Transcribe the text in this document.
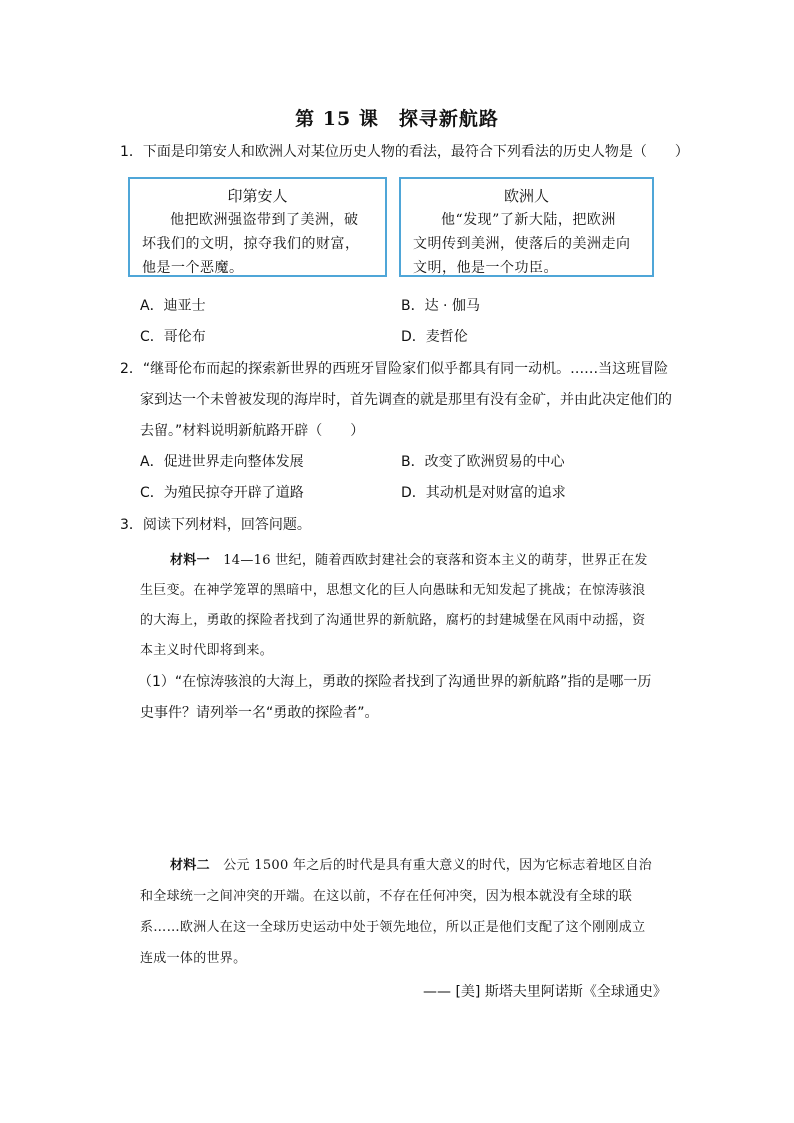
第 15 课　探寻新航路
1．下面是印第安人和欧洲人对某位历史人物的看法，最符合下列看法的历史人物是（　　）
印第安人
他把欧洲强盗带到了美洲，破
坏我们的文明，掠夺我们的财富，
他是一个恶魔。
欧洲人
他“发现”了新大陆，把欧洲
文明传到美洲，使落后的美洲走向
文明，他是一个功臣。
A．迪亚士	B．达 · 伽马
C．哥伦布	D．麦哲伦
2．“继哥伦布而起的探索新世界的西班牙冒险家们似乎都具有同一动机。……当这班冒险
家到达一个未曾被发现的海岸时，首先调查的就是那里有没有金矿，并由此决定他们的
去留。”材料说明新航路开辟（　　）
A．促进世界走向整体发展	B．改变了欧洲贸易的中心
C．为殖民掠夺开辟了道路	D．其动机是对财富的追求
3．阅读下列材料，回答问题。
材料一　 14—16 世纪，随着西欧封建社会的衰落和资本主义的萌芽，世界正在发
生巨变。在神学笼罩的黑暗中，思想文化的巨人向愚昧和无知发起了挑战；在惊涛骇浪
的大海上，勇敢的探险者找到了沟通世界的新航路，腐朽的封建城堡在风雨中动摇，资
本主义时代即将到来。
（1）“在惊涛骇浪的大海上，勇敢的探险者找到了沟通世界的新航路”指的是哪一历
史事件？请列举一名“勇敢的探险者”。
材料二　 公元 1500 年之后的时代是具有重大意义的时代，因为它标志着地区自治
和全球统一之间冲突的开端。在这以前，不存在任何冲突，因为根本就没有全球的联
系……欧洲人在这一全球历史运动中处于领先地位，所以正是他们支配了这个刚刚成立
连成一体的世界。
—— [美] 斯塔夫里阿诺斯《全球通史》
